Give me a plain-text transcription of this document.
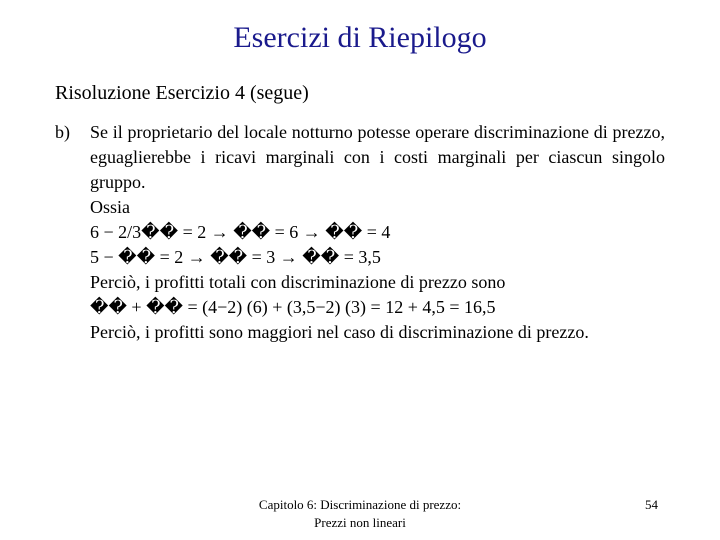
Esercizi di Riepilogo
Risoluzione Esercizio 4 (segue)
b) Se il proprietario del locale notturno potesse operare discriminazione di prezzo, eguaglierebbe i ricavi marginali con i costi marginali per ciascun singolo gruppo.
Ossia
6 − 2/3�� = 2 → �� = 6 → �� = 4
5 − �� = 2 → �� = 3 → �� = 3,5
Perciò, i profitti totali con discriminazione di prezzo sono
�� + �� = (4−2) (6) + (3,5−2) (3) = 12 + 4,5 = 16,5
Perciò, i profitti sono maggiori nel caso di discriminazione di prezzo.
Capitolo 6: Discriminazione di prezzo: Prezzi non lineari
54
